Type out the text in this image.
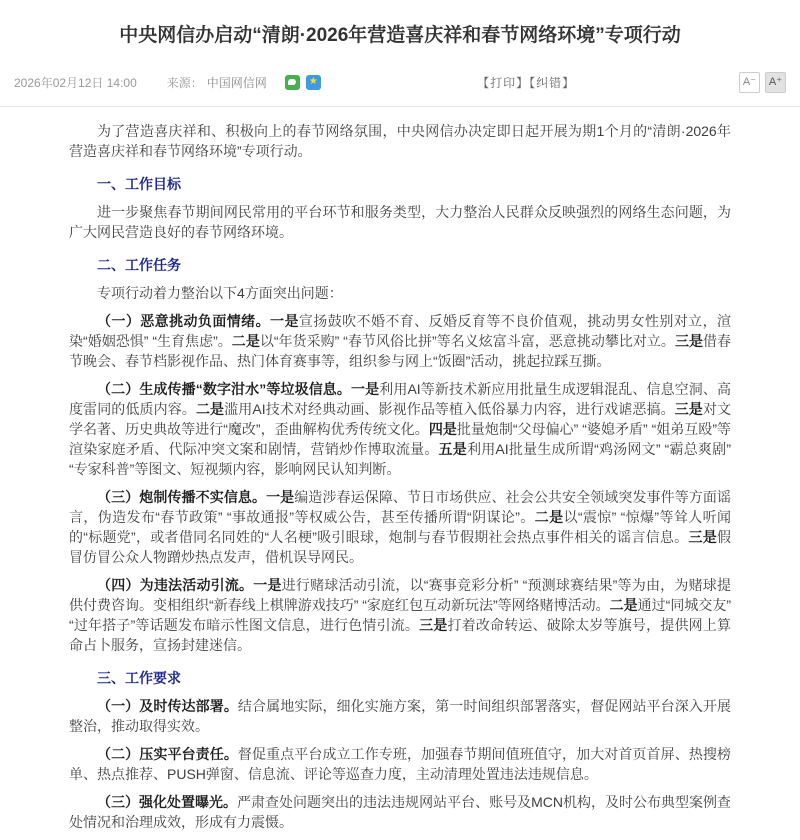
中央网信办启动“清朗·2026年营造喜庆祥和春节网络环境”专项行动
2026年02月12日 14:00	来源： 中国网信网	★	【打印】【纠错】	A⁻	A⁺

为了营造喜庆祥和、积极向上的春节网络氛围，中央网信办决定即日起开展为期1个月的“清朗·2026年营造喜庆祥和春节网络环境”专项行动。

一、工作目标

进一步聚焦春节期间网民常用的平台环节和服务类型，大力整治人民群众反映强烈的网络生态问题，为广大网民营造良好的春节网络环境。

二、工作任务

专项行动着力整治以下4方面突出问题：

（一）恶意挑动负面情绪。一是宣扬鼓吹不婚不育、反婚反育等不良价值观，挑动男女性别对立，渲染“婚姻恐惧” “生育焦虑”。二是以“年货采购” “春节风俗比拼”等名义炫富斗富，恶意挑动攀比对立。三是借春节晚会、春节档影视作品、热门体育赛事等，组织参与网上“饭圈”活动，挑起拉踩互撕。

（二）生成传播“数字泔水”等垃圾信息。一是利用AI等新技术新应用批量生成逻辑混乱、信息空洞、高度雷同的低质内容。二是滥用AI技术对经典动画、影视作品等植入低俗暴力内容，进行戏谑恶搞。三是对文学名著、历史典故等进行“魔改”，歪曲解构优秀传统文化。四是批量炮制“父母偏心” “婆媳矛盾” “姐弟互殴”等渲染家庭矛盾、代际冲突文案和剧情，营销炒作博取流量。五是利用AI批量生成所谓“鸡汤网文” “霸总爽剧” “专家科普”等图文、短视频内容，影响网民认知判断。

（三）炮制传播不实信息。一是编造涉春运保障、节日市场供应、社会公共安全领域突发事件等方面谣言，伪造发布“春节政策” “事故通报”等权威公告，甚至传播所谓“阴谋论”。二是以“震惊” “惊爆”等耸人听闻的“标题党”，或者借同名同姓的“人名梗”吸引眼球，炮制与春节假期社会热点事件相关的谣言信息。三是假冒仿冒公众人物蹭炒热点发声，借机误导网民。

（四）为违法活动引流。一是进行赌球活动引流，以“赛事竞彩分析” “预测球赛结果”等为由，为赌球提供付费咨询。变相组织“新春线上棋牌游戏技巧” “家庭红包互动新玩法”等网络赌博活动。二是通过“同城交友” “过年搭子”等话题发布暗示性图文信息，进行色情引流。三是打着改命转运、破除太岁等旗号，提供网上算命占卜服务，宣扬封建迷信。

三、工作要求

（一）及时传达部署。结合属地实际，细化实施方案，第一时间组织部署落实，督促网站平台深入开展整治，推动取得实效。

（二）压实平台责任。督促重点平台成立工作专班，加强春节期间值班值守，加大对首页首屏、热搜榜单、热点推荐、PUSH弹窗、信息流、评论等巡查力度，主动清理处置违法违规信息。

（三）强化处置曝光。严肃查处问题突出的违法违规网站平台、账号及MCN机构，及时公布典型案例查处情况和治理成效，形成有力震慑。
